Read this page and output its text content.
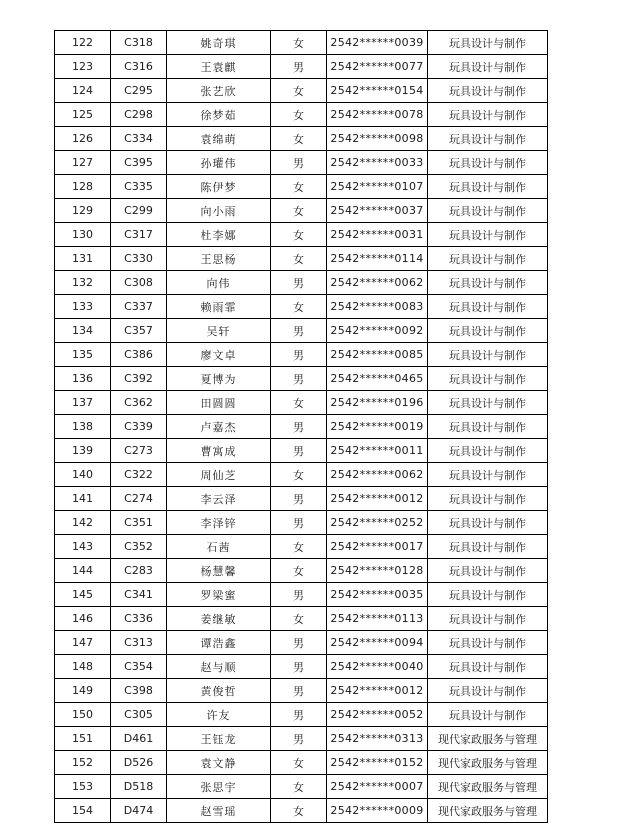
122	C318	姚奇琪	女	2542******0039	玩具设计与制作
123	C316	王袁麒	男	2542******0077	玩具设计与制作
124	C295	张艺欣	女	2542******0154	玩具设计与制作
125	C298	徐梦茹	女	2542******0078	玩具设计与制作
126	C334	袁绵萌	女	2542******0098	玩具设计与制作
127	C395	孙瓘伟	男	2542******0033	玩具设计与制作
128	C335	陈伊梦	女	2542******0107	玩具设计与制作
129	C299	向小雨	女	2542******0037	玩具设计与制作
130	C317	杜李娜	女	2542******0031	玩具设计与制作
131	C330	王思杨	女	2542******0114	玩具设计与制作
132	C308	向伟	男	2542******0062	玩具设计与制作
133	C337	赖雨霏	女	2542******0083	玩具设计与制作
134	C357	吴轩	男	2542******0092	玩具设计与制作
135	C386	廖文卓	男	2542******0085	玩具设计与制作
136	C392	夏博为	男	2542******0465	玩具设计与制作
137	C362	田圆圆	女	2542******0196	玩具设计与制作
138	C339	卢嘉杰	男	2542******0019	玩具设计与制作
139	C273	曹寓成	男	2542******0011	玩具设计与制作
140	C322	周仙芝	女	2542******0062	玩具设计与制作
141	C274	李云泽	男	2542******0012	玩具设计与制作
142	C351	李泽锌	男	2542******0252	玩具设计与制作
143	C352	石茜	女	2542******0017	玩具设计与制作
144	C283	杨慧馨	女	2542******0128	玩具设计与制作
145	C341	罗梁蜜	男	2542******0035	玩具设计与制作
146	C336	姜继敏	女	2542******0113	玩具设计与制作
147	C313	谭浩鑫	男	2542******0094	玩具设计与制作
148	C354	赵与顺	男	2542******0040	玩具设计与制作
149	C398	黄俊哲	男	2542******0012	玩具设计与制作
150	C305	许友	男	2542******0052	玩具设计与制作
151	D461	王钰龙	男	2542******0313	现代家政服务与管理
152	D526	袁文静	女	2542******0152	现代家政服务与管理
153	D518	张思宇	女	2542******0007	现代家政服务与管理
154	D474	赵雪瑶	女	2542******0009	现代家政服务与管理
